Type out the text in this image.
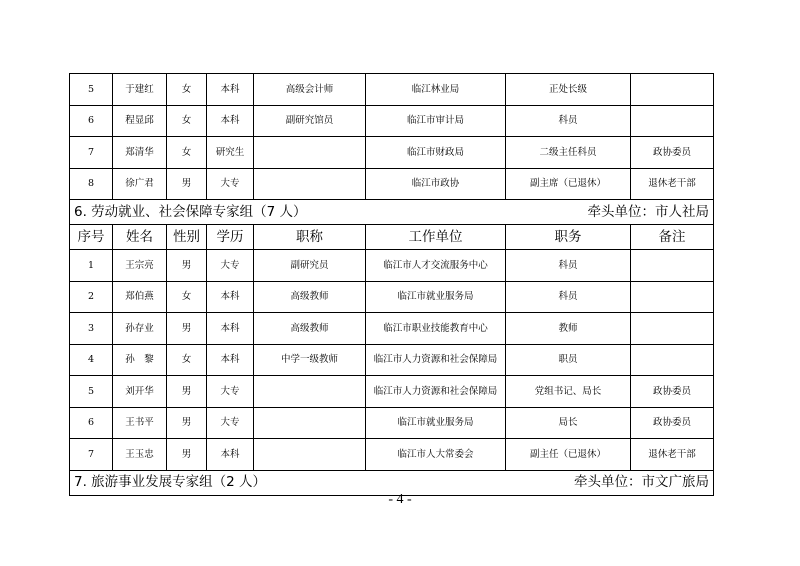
5	于建红	女	本科	高级会计师	临江林业局	正处长级	
6	程显邱	女	本科	副研究馆员	临江市审计局	科员	
7	郑清华	女	研究生		临江市财政局	二级主任科员	政协委员
8	徐广君	男	大专		临江市政协	副主席（已退休）	退休老干部

牵头单位：市人社局
6. 劳动就业、社会保障专家组（7 人）							
序号	姓名	性别	学历	职称	工作单位	职务	备注
1	王宗亮	男	大专	副研究员	临江市人才交流服务中心	科员	
2	郑伯燕	女	本科	高级教师	临江市就业服务局	科员	
3	孙存业	男	本科	高级教师	临江市职业技能教育中心	教师	
4	孙　黎	女	本科	中学一级教师	临江市人力资源和社会保障局	职员	
5	刘开华	男	大专		临江市人力资源和社会保障局	党组书记、局长	政协委员
6	王书平	男	大专		临江市就业服务局	局长	政协委员
7	王玉忠	男	本科		临江市人大常委会	副主任（已退休）	退休老干部

牵头单位：市文广旅局
7. 旅游事业发展专家组（2 人）							
- 4 -
